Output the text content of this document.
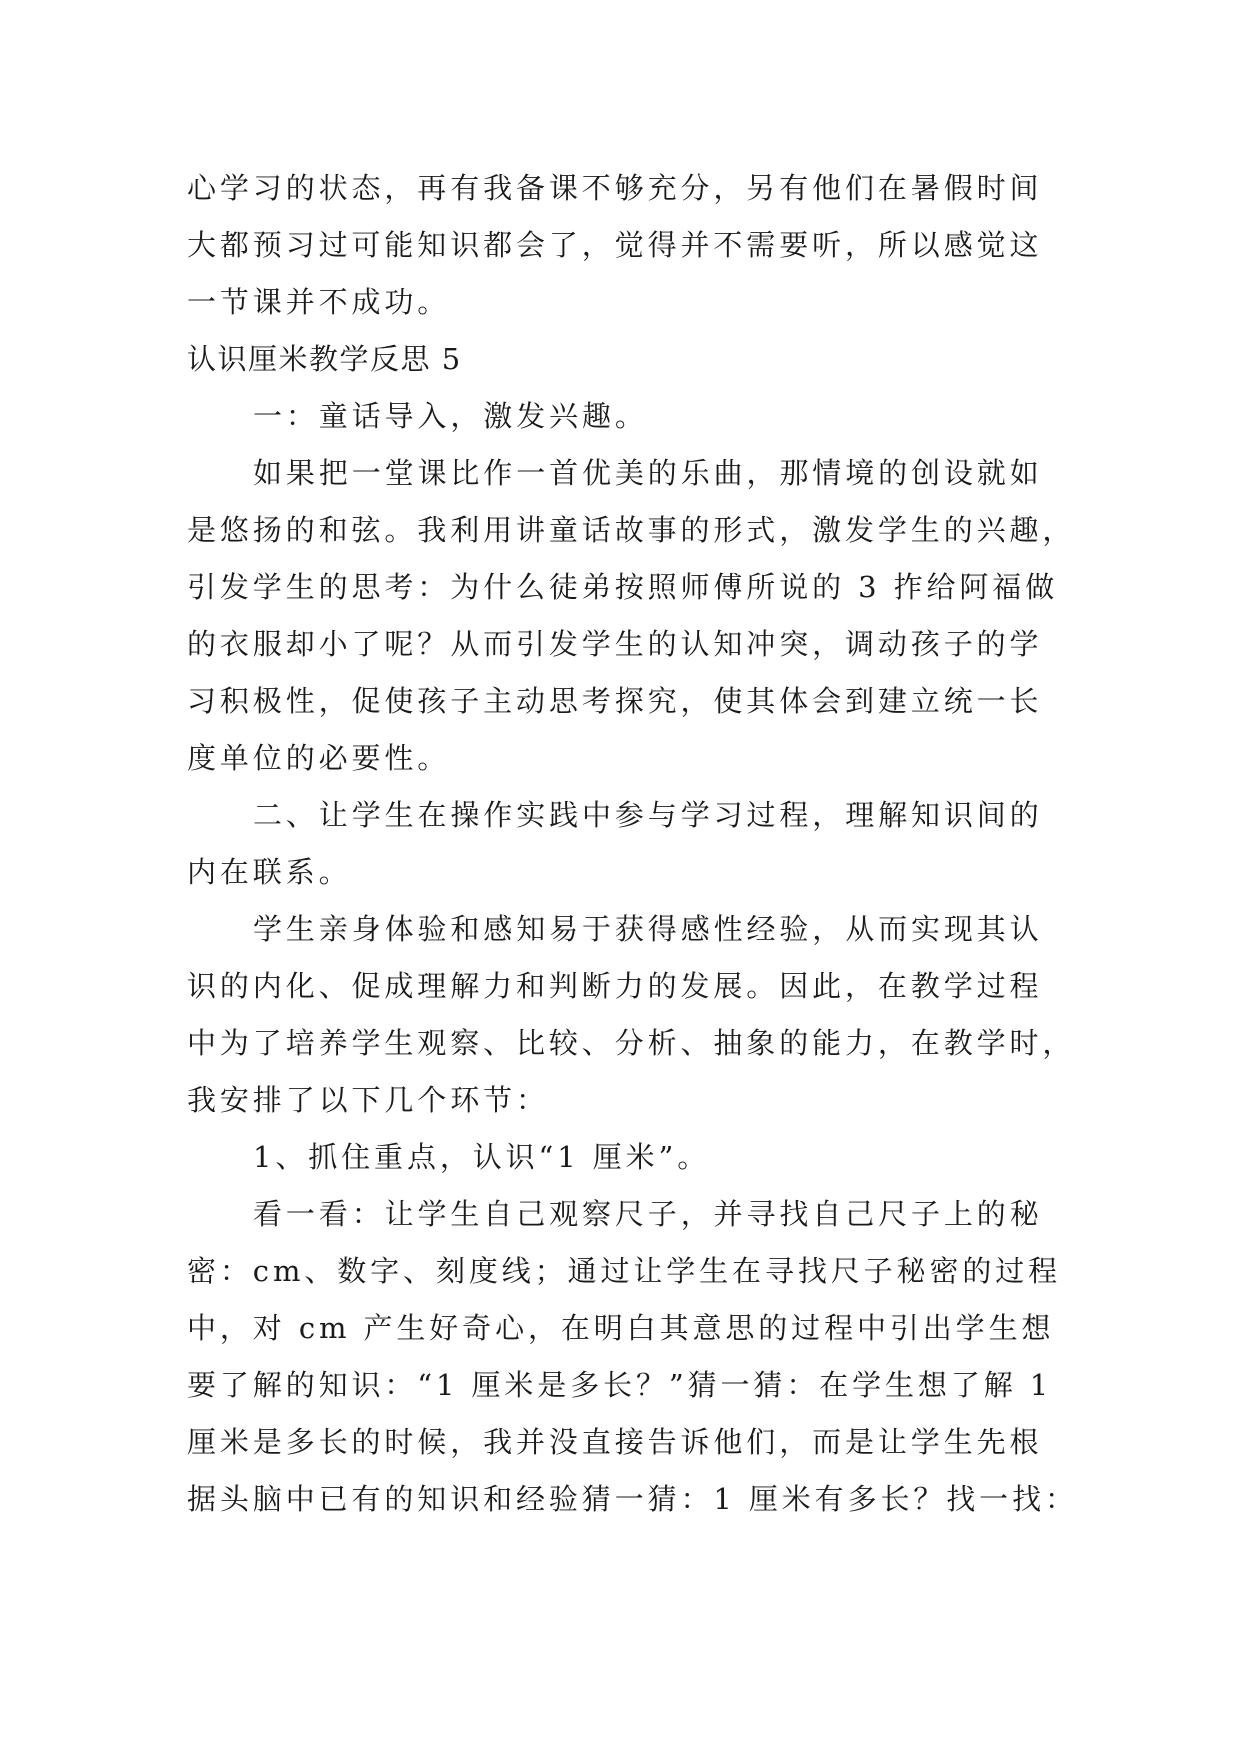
心学习的状态，再有我备课不够充分，另有他们在暑假时间
大都预习过可能知识都会了，觉得并不需要听，所以感觉这
一节课并不成功。

认识厘米教学反思 5

一：童话导入，激发兴趣。

如果把一堂课比作一首优美的乐曲，那情境的创设就如
是悠扬的和弦。我利用讲童话故事的形式，激发学生的兴趣，
引发学生的思考：为什么徒弟按照师傅所说的 3 拃给阿福做
的衣服却小了呢？从而引发学生的认知冲突，调动孩子的学
习积极性，促使孩子主动思考探究，使其体会到建立统一长
度单位的必要性。

二、让学生在操作实践中参与学习过程，理解知识间的
内在联系。

学生亲身体验和感知易于获得感性经验，从而实现其认
识的内化、促成理解力和判断力的发展。因此，在教学过程
中为了培养学生观察、比较、分析、抽象的能力，在教学时，
我安排了以下几个环节：

1、抓住重点，认识“1 厘米”。

看一看：让学生自己观察尺子，并寻找自己尺子上的秘
密：cm、数字、刻度线；通过让学生在寻找尺子秘密的过程
中，对 cm 产生好奇心，在明白其意思的过程中引出学生想
要了解的知识：“1 厘米是多长？”猜一猜：在学生想了解 1
厘米是多长的时候，我并没直接告诉他们，而是让学生先根
据头脑中已有的知识和经验猜一猜：1 厘米有多长？找一找：
